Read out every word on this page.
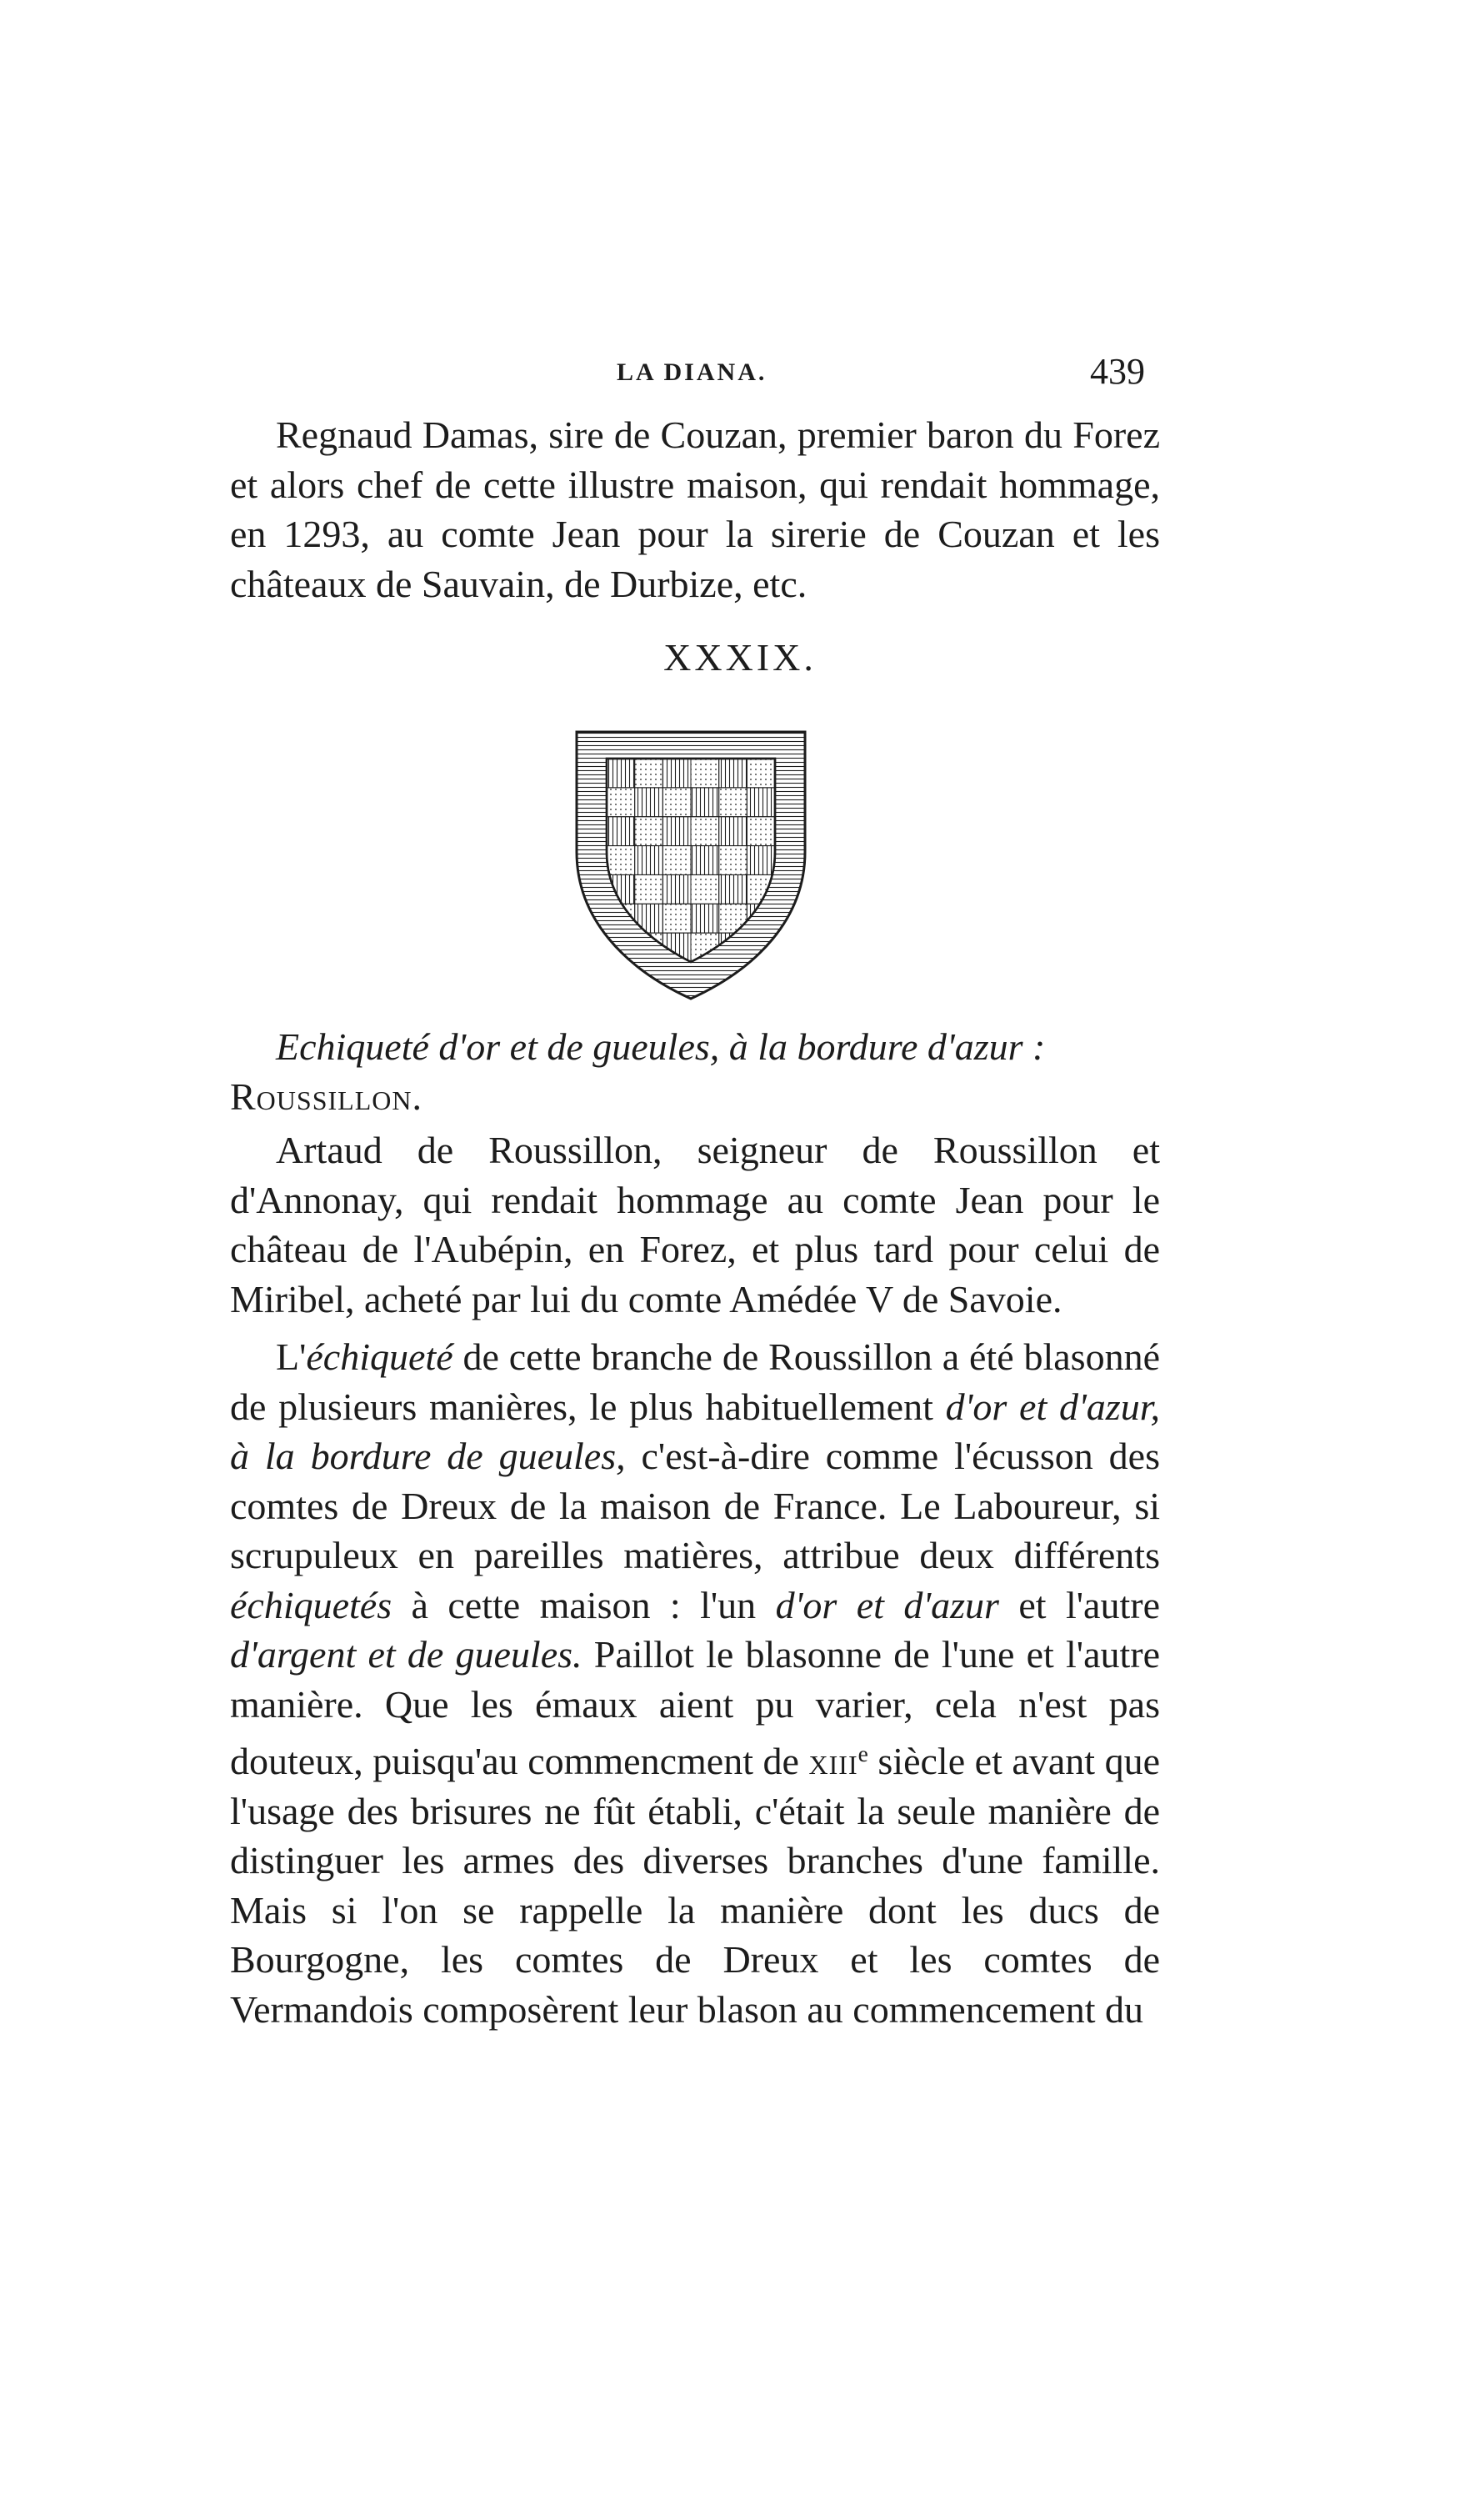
LA DIANA.	439

Regnaud Damas, sire de Couzan, premier baron du Forez et alors chef de cette illustre maison, qui rendait hommage, en 1293, au comte Jean pour la sirerie de Couzan et les châteaux de Sauvain, de Durbize, etc.

XXXIX.

Echiqueté d'or et de gueules, à la bordure d'azur :
Roussillon.

Artaud de Roussillon, seigneur de Roussillon et d'Annonay, qui rendait hommage au comte Jean pour le château de l'Aubépin, en Forez, et plus tard pour celui de Miribel, acheté par lui du comte Amédée V de Savoie.

L'échiqueté de cette branche de Roussillon a été blasonné de plusieurs manières, le plus habituellement d'or et d'azur, à la bordure de gueules, c'est-à-dire comme l'écusson des comtes de Dreux de la maison de France. Le Laboureur, si scrupuleux en pareilles matières, attribue deux différents échiquetés à cette maison : l'un d'or et d'azur et l'autre d'argent et de gueules. Paillot le blasonne de l'une et l'autre manière. Que les émaux aient pu varier, cela n'est pas douteux, puisqu'au commencment de xiii$^e$ siècle et avant que l'usage des brisures ne fût établi, c'était la seule manière de distinguer les armes des diverses branches d'une famille. Mais si l'on se rappelle la manière dont les ducs de Bourgogne, les comtes de Dreux et les comtes de Vermandois composèrent leur blason au commencement du
